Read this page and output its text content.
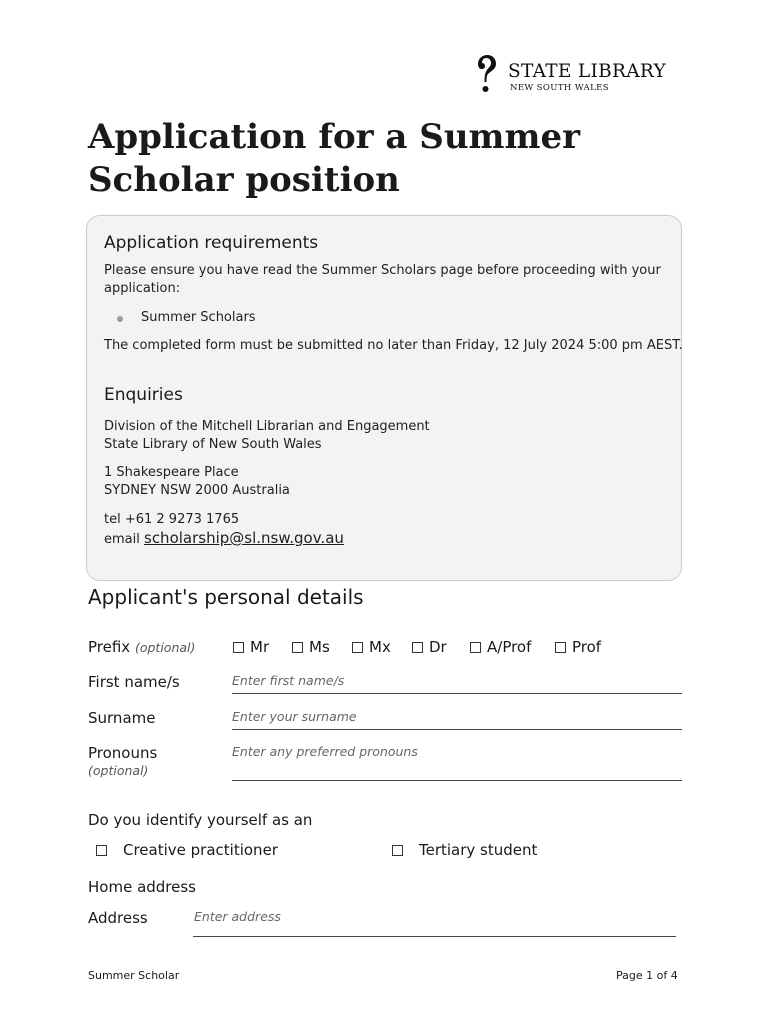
STATE LIBRARY
NEW SOUTH WALES
Application for a Summer Scholar position
Application requirements
Please ensure you have read the Summer Scholars page before proceeding with your application:
Summer Scholars
The completed form must be submitted no later than Friday, 12 July 2024 5:00 pm AEST.
Enquiries
Division of the Mitchell Librarian and Engagement
State Library of New South Wales
1 Shakespeare Place
SYDNEY NSW 2000 Australia
tel +61 2 9273 1765
email scholarship@sl.nsw.gov.au
Applicant's personal details
Prefix (optional)	Mr	Ms	Mx	Dr	A/Prof	Prof
First name/s	Enter first name/s
Surname	Enter your surname
Pronouns
(optional)
Enter any preferred pronouns
Do you identify yourself as an
Creative practitioner	Tertiary student
Home address
Address	Enter address
Summer Scholar	Page 1 of 4
